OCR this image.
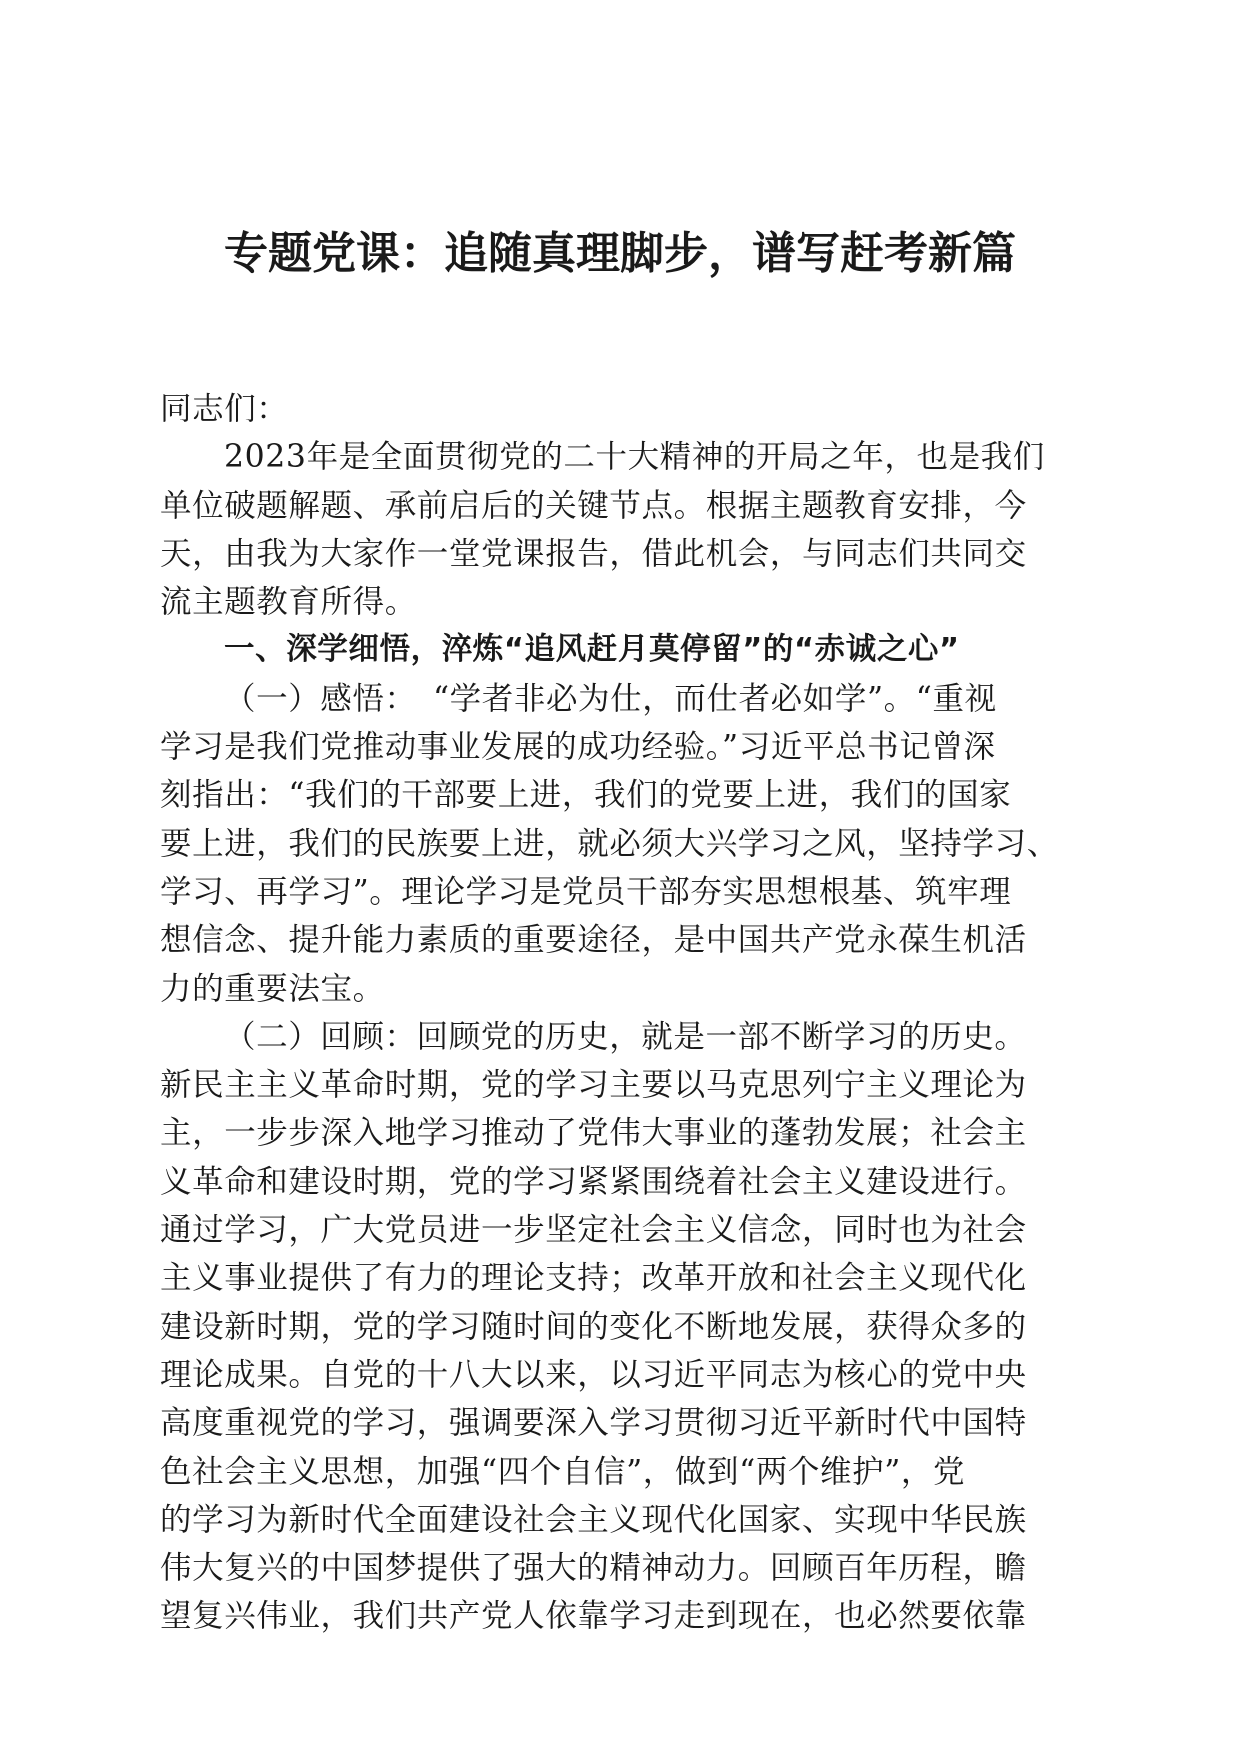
专题党课：追随真理脚步，谱写赶考新篇
同志们：
2023年是全面贯彻党的二十大精神的开局之年，也是我们
单位破题解题、承前启后的关键节点。根据主题教育安排，今
天，由我为大家作一堂党课报告，借此机会，与同志们共同交
流主题教育所得。
一、深学细悟，淬炼“追风赶月莫停留”的“赤诚之心”
（一）感悟：　“学者非必为仕，而仕者必如学”。“重视
学习是我们党推动事业发展的成功经验。”习近平总书记曾深
刻指出：“我们的干部要上进，我们的党要上进，我们的国家
要上进，我们的民族要上进，就必须大兴学习之风，坚持学习、
学习、再学习”。理论学习是党员干部夯实思想根基、筑牢理
想信念、提升能力素质的重要途径，是中国共产党永葆生机活
力的重要法宝。
（二）回顾：回顾党的历史，就是一部不断学习的历史。
新民主主义革命时期，党的学习主要以马克思列宁主义理论为
主，一步步深入地学习推动了党伟大事业的蓬勃发展；社会主
义革命和建设时期，党的学习紧紧围绕着社会主义建设进行。
通过学习，广大党员进一步坚定社会主义信念，同时也为社会
主义事业提供了有力的理论支持；改革开放和社会主义现代化
建设新时期，党的学习随时间的变化不断地发展，获得众多的
理论成果。自党的十八大以来，以习近平同志为核心的党中央
高度重视党的学习，强调要深入学习贯彻习近平新时代中国特
色社会主义思想，加强“四个自信”，做到“两个维护”，党
的学习为新时代全面建设社会主义现代化国家、实现中华民族
伟大复兴的中国梦提供了强大的精神动力。回顾百年历程，瞻
望复兴伟业，我们共产党人依靠学习走到现在，也必然要依靠
